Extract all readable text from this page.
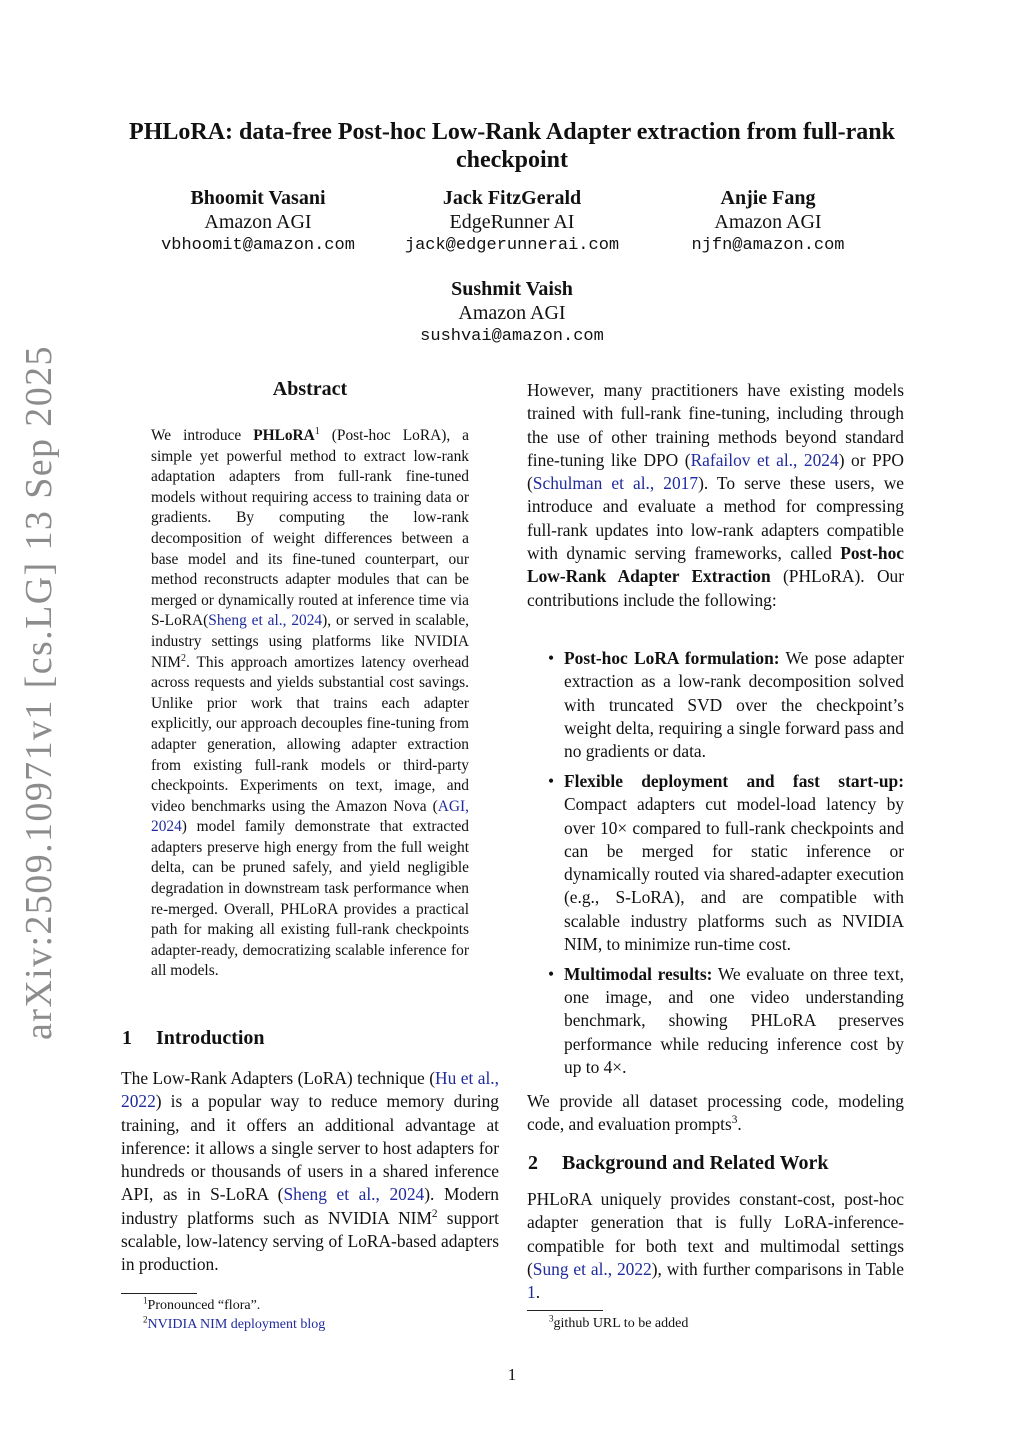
arXiv:2509.10971v1 [cs.LG] 13 Sep 2025
PHLoRA: data-free Post-hoc Low-Rank Adapter extraction from full-rank checkpoint
Bhoomit Vasani
Amazon AGI
vbhoomit@amazon.com
Jack FitzGerald
EdgeRunner AI
jack@edgerunnerai.com
Anjie Fang
Amazon AGI
njfn@amazon.com
Sushmit Vaish
Amazon AGI
sushvai@amazon.com
Abstract
We introduce PHLoRA$^1$ (Post-hoc LoRA), a simple yet powerful method to extract low-rank adaptation adapters from full-rank fine-tuned models without requiring access to training data or gradients. By computing the low-rank decomposition of weight differences between a base model and its fine-tuned counterpart, our method reconstructs adapter modules that can be merged or dynamically routed at inference time via S-LoRA(Sheng et al., 2024), or served in scalable, industry settings using platforms like NVIDIA NIM$^2$. This approach amortizes latency overhead across requests and yields substantial cost savings. Unlike prior work that trains each adapter explicitly, our approach decouples fine-tuning from adapter generation, allowing adapter extraction from existing full-rank models or third-party checkpoints. Experiments on text, image, and video benchmarks using the Amazon Nova (AGI, 2024) model family demonstrate that extracted adapters preserve high energy from the full weight delta, can be pruned safely, and yield negligible degradation in downstream task performance when re-merged. Overall, PHLoRA provides a practical path for making all existing full-rank checkpoints adapter-ready, democratizing scalable inference for all models.
1 Introduction
The Low-Rank Adapters (LoRA) technique (Hu et al., 2022) is a popular way to reduce memory during training, and it offers an additional advantage at inference: it allows a single server to host adapters for hundreds or thousands of users in a shared inference API, as in S-LoRA (Sheng et al., 2024). Modern industry platforms such as NVIDIA NIM$^2$ support scalable, low-latency serving of LoRA-based adapters in production.
$^1$Pronounced “flora”.
$^2$NVIDIA NIM deployment blog
However, many practitioners have existing models trained with full-rank fine-tuning, including through the use of other training methods beyond standard fine-tuning like DPO (Rafailov et al., 2024) or PPO (Schulman et al., 2017). To serve these users, we introduce and evaluate a method for compressing full-rank updates into low-rank adapters compatible with dynamic serving frameworks, called Post-hoc Low-Rank Adapter Extraction (PHLoRA). Our contributions include the following:
• Post-hoc LoRA formulation: We pose adapter extraction as a low-rank decomposition solved with truncated SVD over the checkpoint’s weight delta, requiring a single forward pass and no gradients or data.
• Flexible deployment and fast start-up: Compact adapters cut model-load latency by over 10× compared to full-rank checkpoints and can be merged for static inference or dynamically routed via shared-adapter execution (e.g., S-LoRA), and are compatible with scalable industry platforms such as NVIDIA NIM, to minimize run-time cost.
• Multimodal results: We evaluate on three text, one image, and one video understanding benchmark, showing PHLoRA preserves performance while reducing inference cost by up to 4×.
We provide all dataset processing code, modeling code, and evaluation prompts$^3$.
2 Background and Related Work
PHLoRA uniquely provides constant-cost, post-hoc adapter generation that is fully LoRA-inference-compatible for both text and multimodal settings (Sung et al., 2022), with further comparisons in Table 1.
$^3$github URL to be added
1
